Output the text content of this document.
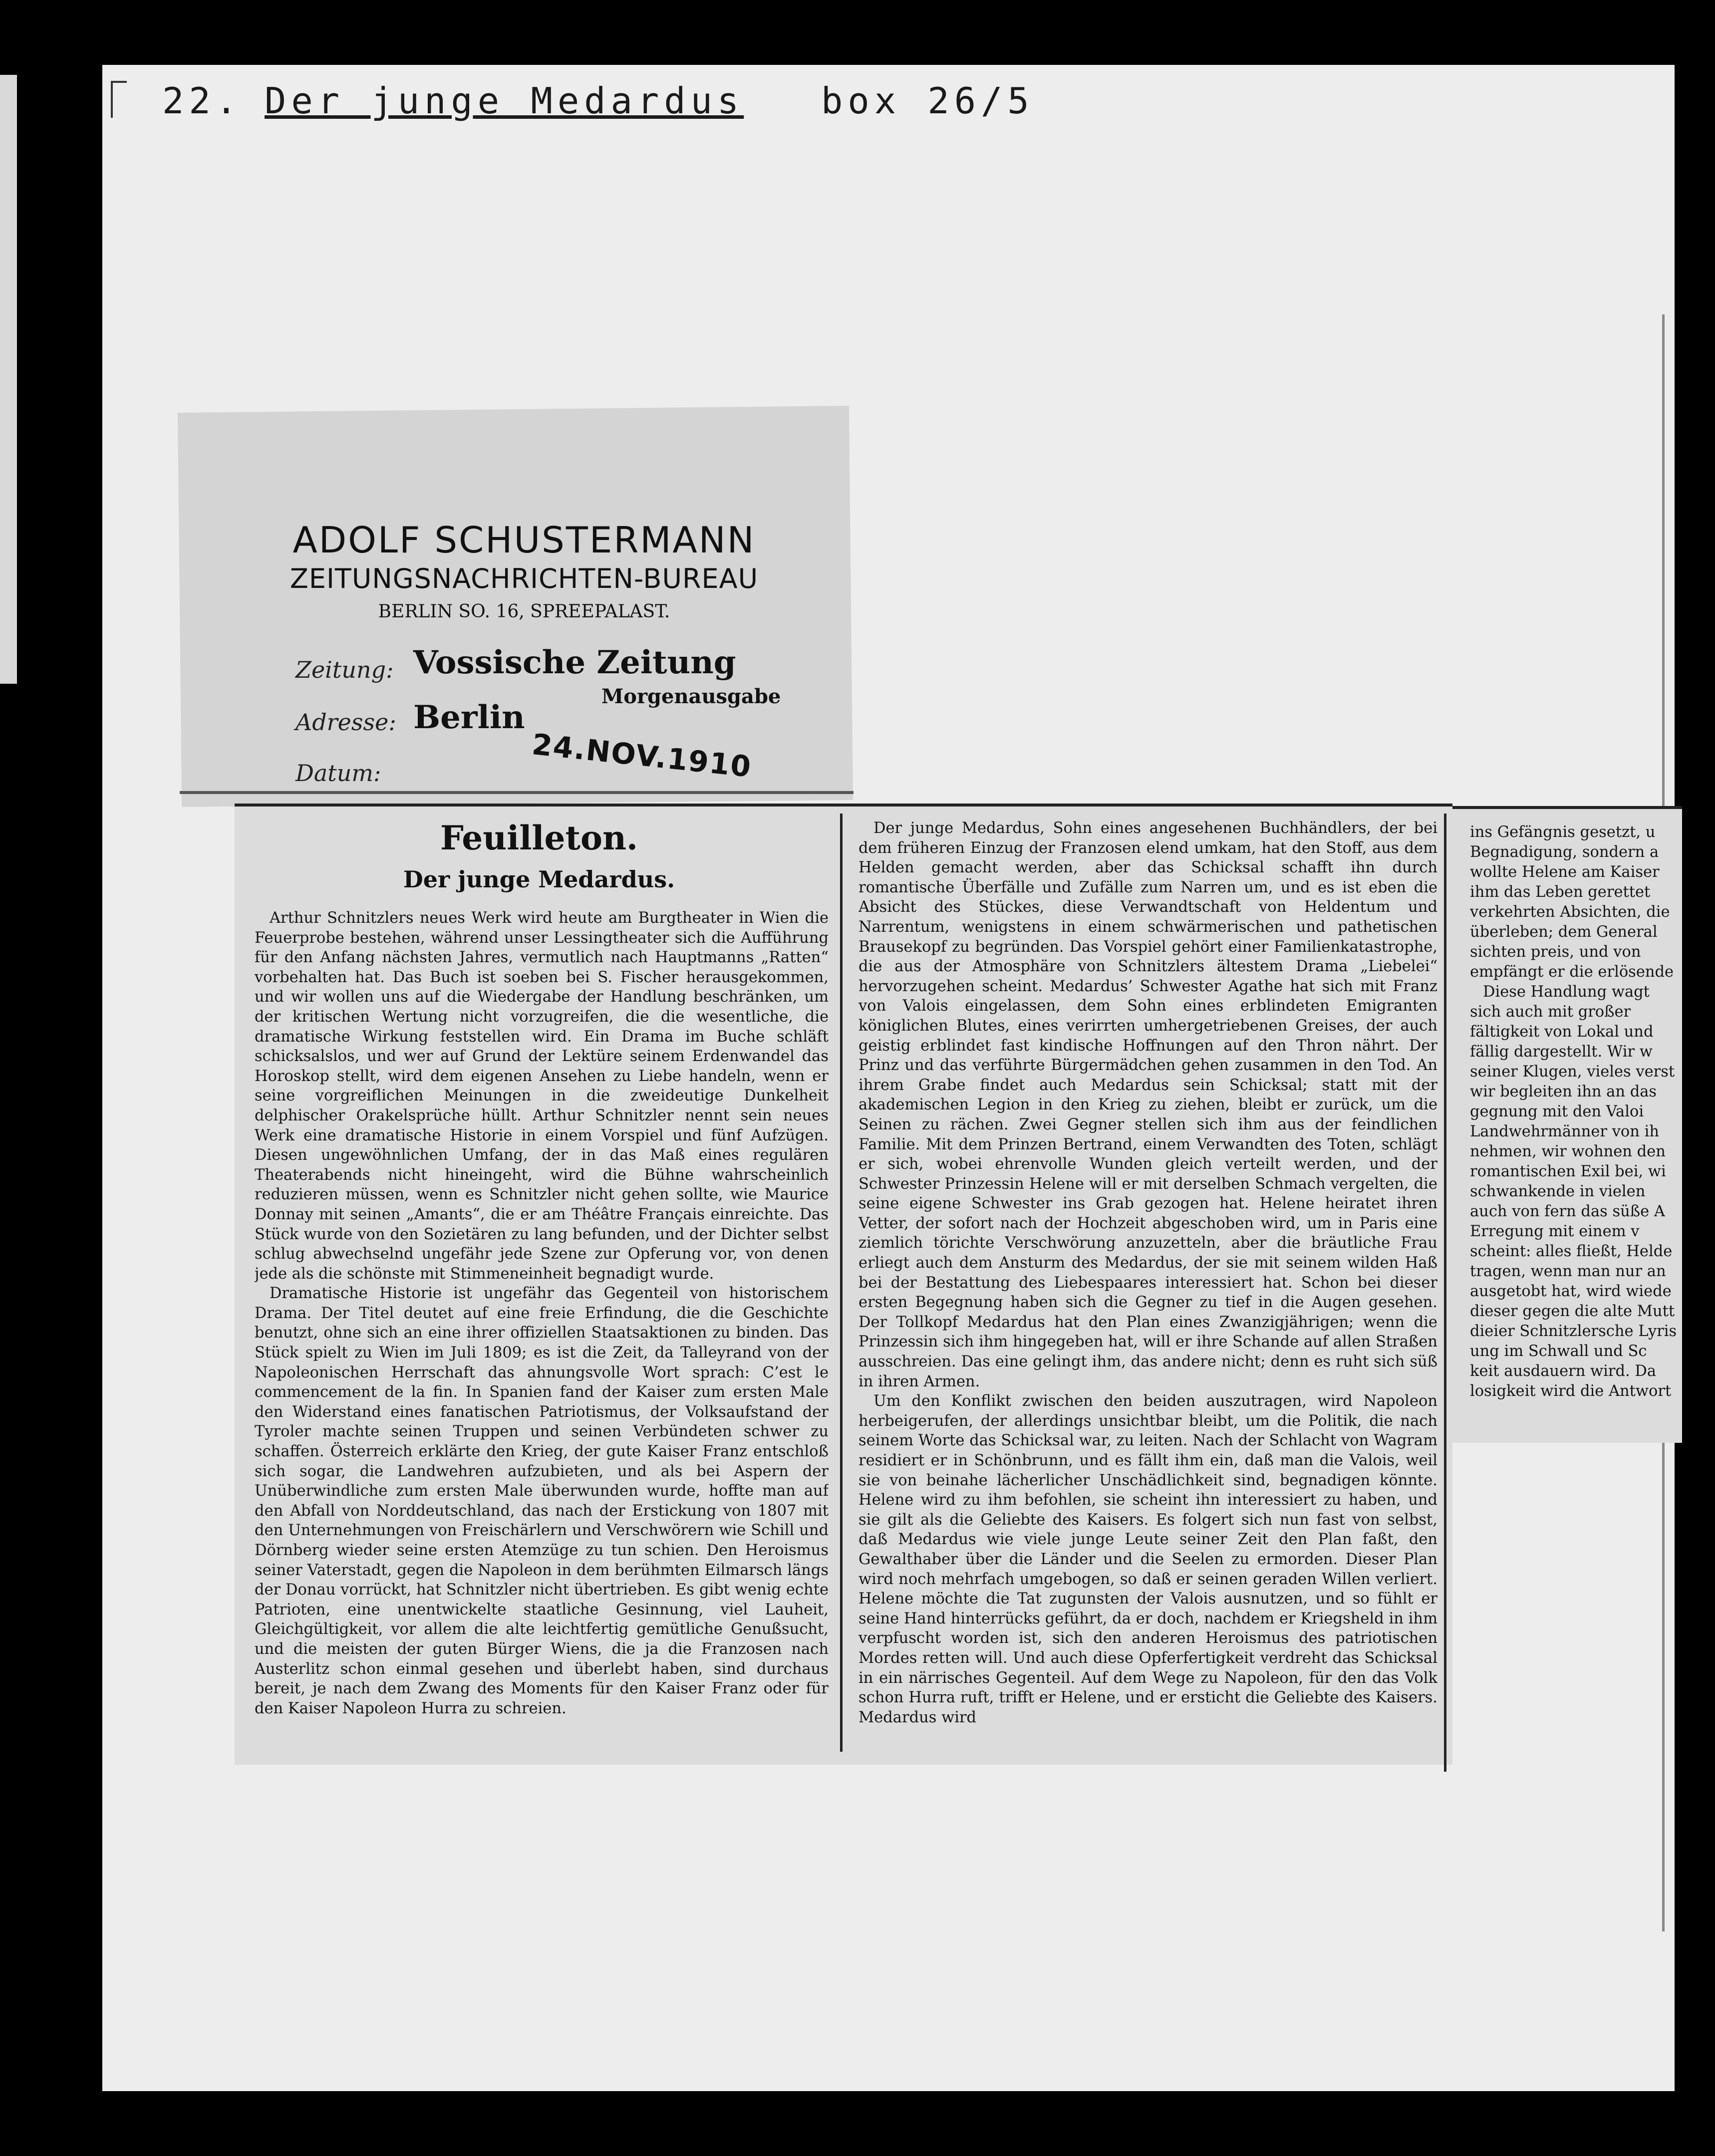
22. Der junge Medardus box 26/5
ADOLF SCHUSTERMANN
ZEITUNGSNACHRICHTEN-BUREAU
BERLIN SO. 16, SPREEPALAST.
Zeitung: Vossische Zeitung
Morgenausgabe
Adresse: Berlin
24.NOV.1910
Datum:
Feuilleton.
Der junge Medardus.

Arthur Schnitzlers neues Werk wird heute am Burgtheater in Wien die Feuerprobe bestehen, während unser Lessingtheater sich die Aufführung für den Anfang nächsten Jahres, vermutlich nach Hauptmanns „Ratten“ vorbehalten hat. Das Buch ist soeben bei S. Fischer herausgekommen, und wir wollen uns auf die Wiedergabe der Handlung beschränken, um der kritischen Wertung nicht vorzugreifen, die die wesentliche, die dramatische Wirkung feststellen wird. Ein Drama im Buche schläft schicksalslos, und wer auf Grund der Lektüre seinem Erdenwandel das Horoskop stellt, wird dem eigenen Ansehen zu Liebe handeln, wenn er seine vorgreiflichen Meinungen in die zweideutige Dunkelheit delphischer Orakelsprüche hüllt. Arthur Schnitzler nennt sein neues Werk eine dramatische Historie in einem Vorspiel und fünf Aufzügen. Diesen ungewöhnlichen Umfang, der in das Maß eines regulären Theaterabends nicht hineingeht, wird die Bühne wahrscheinlich reduzieren müssen, wenn es Schnitzler nicht gehen sollte, wie Maurice Donnay mit seinen „Amants“, die er am Théâtre Français einreichte. Das Stück wurde von den Sozietären zu lang befunden, und der Dichter selbst schlug abwechselnd ungefähr jede Szene zur Opferung vor, von denen jede als die schönste mit Stimmeneinheit begnadigt wurde.

Dramatische Historie ist ungefähr das Gegenteil von historischem Drama. Der Titel deutet auf eine freie Erfindung, die die Geschichte benutzt, ohne sich an eine ihrer offiziellen Staatsaktionen zu binden. Das Stück spielt zu Wien im Juli 1809; es ist die Zeit, da Talleyrand von der Napoleonischen Herrschaft das ahnungsvolle Wort sprach: C’est le commencement de la fin. In Spanien fand der Kaiser zum ersten Male den Widerstand eines fanatischen Patriotismus, der Volksaufstand der Tyroler machte seinen Truppen und seinen Verbündeten schwer zu schaffen. Österreich erklärte den Krieg, der gute Kaiser Franz entschloß sich sogar, die Landwehren aufzubieten, und als bei Aspern der Unüberwindliche zum ersten Male überwunden wurde, hoffte man auf den Abfall von Norddeutschland, das nach der Erstickung von 1807 mit den Unternehmungen von Freischärlern und Verschwörern wie Schill und Dörnberg wieder seine ersten Atemzüge zu tun schien. Den Heroismus seiner Vaterstadt, gegen die Napoleon in dem berühmten Eilmarsch längs der Donau vorrückt, hat Schnitzler nicht übertrieben. Es gibt wenig echte Patrioten, eine unentwickelte staatliche Gesinnung, viel Lauheit, Gleichgültigkeit, vor allem die alte leichtfertig gemütliche Genußsucht, und die meisten der guten Bürger Wiens, die ja die Franzosen nach Austerlitz schon einmal gesehen und überlebt haben, sind durchaus bereit, je nach dem Zwang des Moments für den Kaiser Franz oder für den Kaiser Napoleon Hurra zu schreien.

Der junge Medardus, Sohn eines angesehenen Buchhändlers, der bei dem früheren Einzug der Franzosen elend umkam, hat den Stoff, aus dem Helden gemacht werden, aber das Schicksal schafft ihn durch romantische Überfälle und Zufälle zum Narren um, und es ist eben die Absicht des Stückes, diese Verwandtschaft von Heldentum und Narrentum, wenigstens in einem schwärmerischen und pathetischen Brausekopf zu begründen. Das Vorspiel gehört einer Familienkatastrophe, die aus der Atmosphäre von Schnitzlers ältestem Drama „Liebelei“ hervorzugehen scheint. Medardus’ Schwester Agathe hat sich mit Franz von Valois eingelassen, dem Sohn eines erblindeten Emigranten königlichen Blutes, eines verirrten umhergetriebenen Greises, der auch geistig erblindet fast kindische Hoffnungen auf den Thron nährt. Der Prinz und das verführte Bürgermädchen gehen zusammen in den Tod. An ihrem Grabe findet auch Medardus sein Schicksal; statt mit der akademischen Legion in den Krieg zu ziehen, bleibt er zurück, um die Seinen zu rächen. Zwei Gegner stellen sich ihm aus der feindlichen Familie. Mit dem Prinzen Bertrand, einem Verwandten des Toten, schlägt er sich, wobei ehrenvolle Wunden gleich verteilt werden, und der Schwester Prinzessin Helene will er mit derselben Schmach vergelten, die seine eigene Schwester ins Grab gezogen hat. Helene heiratet ihren Vetter, der sofort nach der Hochzeit abgeschoben wird, um in Paris eine ziemlich törichte Verschwörung anzuzetteln, aber die bräutliche Frau erliegt auch dem Ansturm des Medardus, der sie mit seinem wilden Haß bei der Bestattung des Liebespaares interessiert hat. Schon bei dieser ersten Begegnung haben sich die Gegner zu tief in die Augen gesehen. Der Tollkopf Medardus hat den Plan eines Zwanzigjährigen; wenn die Prinzessin sich ihm hingegeben hat, will er ihre Schande auf allen Straßen ausschreien. Das eine gelingt ihm, das andere nicht; denn es ruht sich süß in ihren Armen.

Um den Konflikt zwischen den beiden auszutragen, wird Napoleon herbeigerufen, der allerdings unsichtbar bleibt, um die Politik, die nach seinem Worte das Schicksal war, zu leiten. Nach der Schlacht von Wagram residiert er in Schönbrunn, und es fällt ihm ein, daß man die Valois, weil sie von beinahe lächerlicher Unschädlichkeit sind, begnadigen könnte. Helene wird zu ihm befohlen, sie scheint ihn interessiert zu haben, und sie gilt als die Geliebte des Kaisers. Es folgert sich nun fast von selbst, daß Medardus wie viele junge Leute seiner Zeit den Plan faßt, den Gewalthaber über die Länder und die Seelen zu ermorden. Dieser Plan wird noch mehrfach umgebogen, so daß er seinen geraden Willen verliert. Helene möchte die Tat zugunsten der Valois ausnutzen, und so fühlt er seine Hand hinterrücks geführt, da er doch, nachdem er Kriegsheld in ihm verpfuscht worden ist, sich den anderen Heroismus des patriotischen Mordes retten will. Und auch diese Opferfertigkeit verdreht das Schicksal in ein närrisches Gegenteil. Auf dem Wege zu Napoleon, für den das Volk schon Hurra ruft, trifft er Helene, und er ersticht die Geliebte des Kaisers. Medardus wird

ins Gefängnis gesetzt, u
Begnadigung, sondern a
wollte Helene am Kaiser
ihm das Leben gerettet
verkehrten Absichten, die
überleben; dem General
sichten preis, und von
empfängt er die erlösende
Diese Handlung wagt
sich auch mit großer
fältigkeit von Lokal und
fällig dargestellt. Wir w
seiner Klugen, vieles verst
wir begleiten ihn an das
gegnung mit den Valoi
Landwehrmänner von ih
nehmen, wir wohnen den
romantischen Exil bei, wi
schwankende in vielen
auch von fern das süße A
Erregung mit einem v
scheint: alles fließt, Helde
tragen, wenn man nur an
ausgetobt hat, wird wiede
dieser gegen die alte Mutt
dieier Schnitzlersche Lyris
ung im Schwall und Sc
keit ausdauern wird. Da
losigkeit wird die Antwort
